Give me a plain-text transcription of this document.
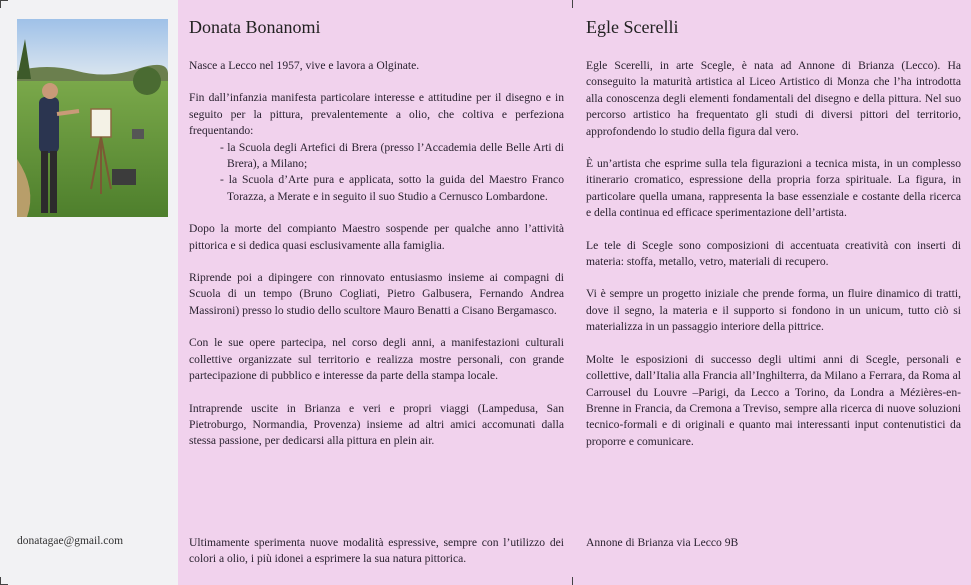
donatagae@gmail.com
Donata Bonanomi

Nasce a Lecco nel 1957, vive e lavora a Olginate.

Fin dall’infanzia manifesta particolare interesse e attitudine per il disegno e in seguito per la pittura, prevalentemente a olio, che coltiva e perfeziona frequentando:

- la Scuola degli Artefici di Brera (presso l’Accademia delle Belle Arti di Brera), a Milano;

- la Scuola d’Arte pura e applicata, sotto la guida del Maestro Franco Torazza, a Merate e in seguito il suo Studio a Cernusco Lombardone.

Dopo la morte del compianto Maestro sospende per qualche anno l’attività pittorica e si dedica quasi esclusivamente alla famiglia.

Riprende poi a dipingere con rinnovato entusiasmo insieme ai compagni di Scuola di un tempo (Bruno Cogliati, Pietro Galbusera, Fernando Andrea Massironi) presso lo studio dello scultore Mauro Benatti a Cisano Bergamasco.

Con le sue opere partecipa, nel corso degli anni, a manifestazioni culturali collettive organizzate sul territorio e realizza mostre personali, con grande partecipazione di pubblico e interesse da parte della stampa locale.

Intraprende uscite in Brianza e veri e propri viaggi (Lampedusa, San Pietroburgo, Normandia, Provenza) insieme ad altri amici accomunati dalla stessa passione, per dedicarsi alla pittura en plein air.

Ultimamente sperimenta nuove modalità espressive, sempre con l’utilizzo dei colori a olio, i più idonei a esprimere la sua natura pittorica.
Egle Scerelli

Egle Scerelli, in arte Scegle, è nata ad Annone di Brianza (Lecco). Ha conseguito la maturità artistica al Liceo Artistico di Monza che l’ha introdotta alla conoscenza degli elementi fondamentali del disegno e della pittura. Nel suo percorso artistico ha frequentato gli studi di diversi pittori del territorio, approfondendo lo studio della figura dal vero.

È un’artista che esprime sulla tela figurazioni a tecnica mista, in un complesso itinerario cromatico, espressione della propria forza spirituale. La figura, in particolare quella umana, rappresenta la base essenziale e costante della ricerca e della continua ed efficace sperimentazione dell’artista.

Le tele di Scegle sono composizioni di accentuata creatività con inserti di materia: stoffa, metallo, vetro, materiali di recupero.

Vi è sempre un progetto iniziale che prende forma, un fluire dinamico di tratti, dove il segno, la materia e il supporto si fondono in un unicum, tutto ciò si materializza in un passaggio interiore della pittrice.

Molte le esposizioni di successo degli ultimi anni di Scegle, personali e collettive, dall’Italia alla Francia all’Inghilterra, da Milano a Ferrara, da Roma al Carrousel du Louvre –Parigi, da Lecco a Torino, da Londra a Mézières-en-Brenne in Francia, da Cremona a Treviso, sempre alla ricerca di nuove soluzioni tecnico-formali e di originali e quanto mai interessanti input contenutistici da proporre e comunicare.

Annone di Brianza via Lecco 9B
